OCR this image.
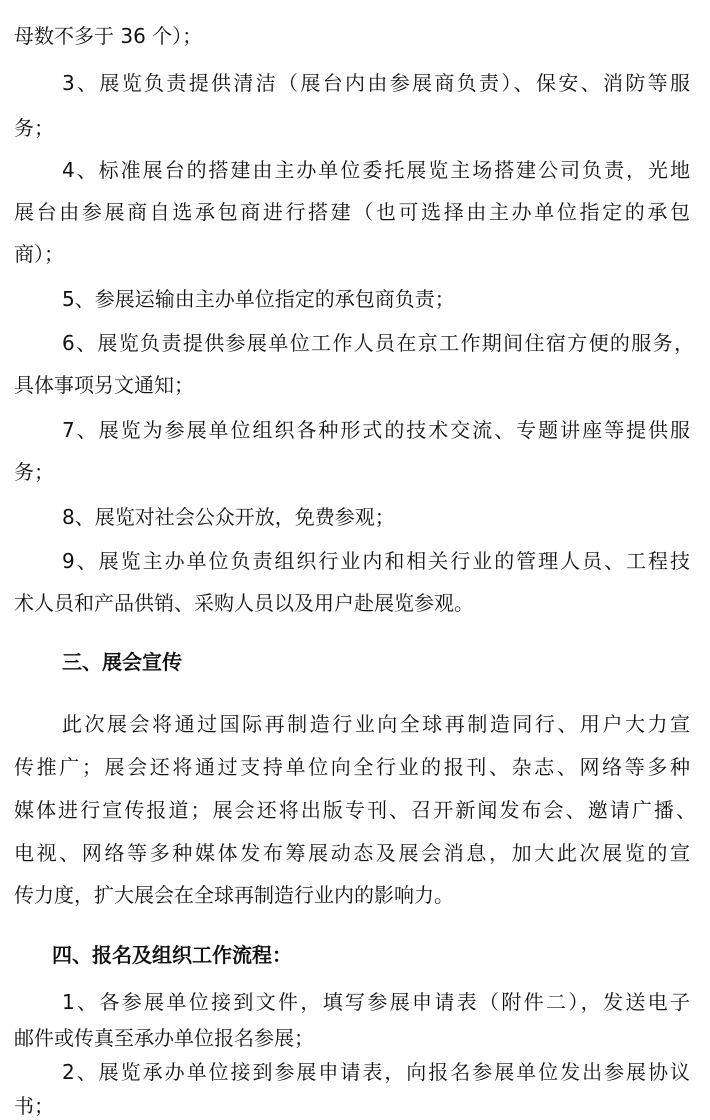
母数不多于 36 个）；
3、展览负责提供清洁（展台内由参展商负责）、保安、消防等服
务；
4、标准展台的搭建由主办单位委托展览主场搭建公司负责，光地
展台由参展商自选承包商进行搭建（也可选择由主办单位指定的承包
商）；
5、参展运输由主办单位指定的承包商负责；
6、展览负责提供参展单位工作人员在京工作期间住宿方便的服务，
具体事项另文通知；
7、展览为参展单位组织各种形式的技术交流、专题讲座等提供服
务；
8、展览对社会公众开放，免费参观；
9、展览主办单位负责组织行业内和相关行业的管理人员、工程技
术人员和产品供销、采购人员以及用户赴展览参观。
三、展会宣传
此次展会将通过国际再制造行业向全球再制造同行、用户大力宣
传推广；展会还将通过支持单位向全行业的报刊、杂志、网络等多种
媒体进行宣传报道；展会还将出版专刊、召开新闻发布会、邀请广播、
电视、网络等多种媒体发布筹展动态及展会消息，加大此次展览的宣
传力度，扩大展会在全球再制造行业内的影响力。
四、报名及组织工作流程：
1、各参展单位接到文件，填写参展申请表（附件二），发送电子
邮件或传真至承办单位报名参展；
2、展览承办单位接到参展申请表，向报名参展单位发出参展协议
书；
